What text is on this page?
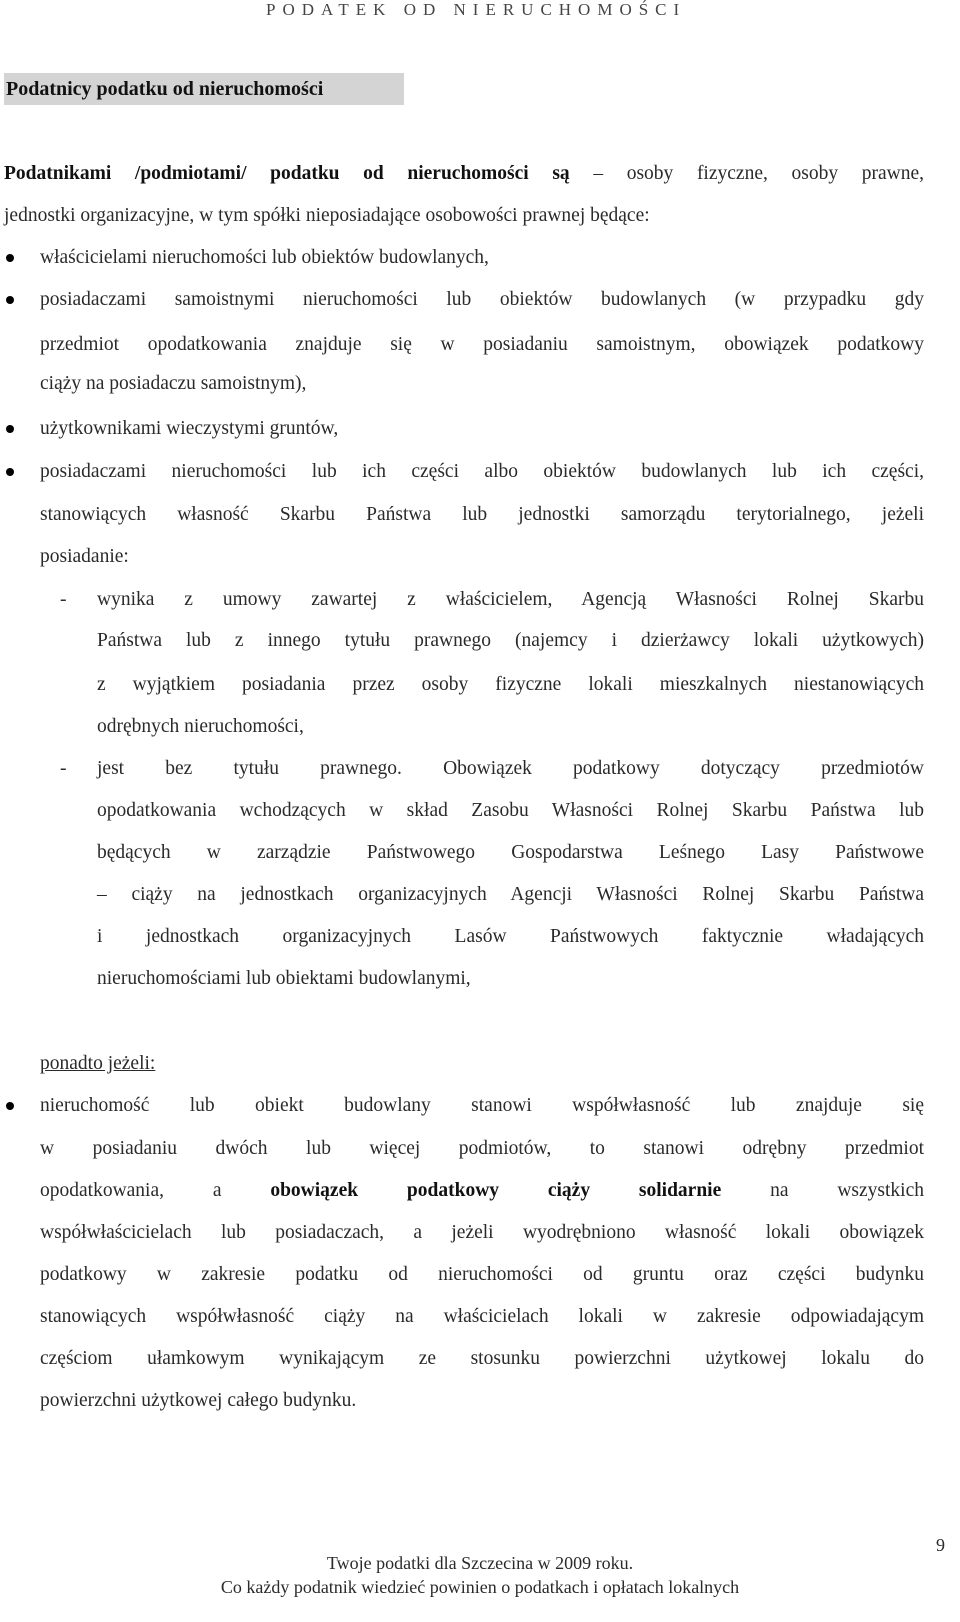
PODATEK OD NIERUCHOMOŚCI
Podatnicy podatku od nieruchomości
Podatnikami /podmiotami/ podatku od nieruchomości są – osoby fizyczne, osoby prawne,
jednostki organizacyjne, w tym spółki nieposiadające osobowości prawnej będące:
właścicielami nieruchomości lub obiektów budowlanych,
posiadaczami samoistnymi nieruchomości lub obiektów budowlanych (w przypadku gdy
przedmiot opodatkowania znajduje się w posiadaniu samoistnym, obowiązek podatkowy
ciąży na posiadaczu samoistnym),
użytkownikami wieczystymi gruntów,
posiadaczami nieruchomości lub ich części albo obiektów budowlanych lub ich części,
stanowiących własność Skarbu Państwa lub jednostki samorządu terytorialnego, jeżeli
posiadanie:
- wynika z umowy zawartej z właścicielem, Agencją Własności Rolnej Skarbu
Państwa lub z innego tytułu prawnego (najemcy i dzierżawcy lokali użytkowych)
z wyjątkiem posiadania przez osoby fizyczne lokali mieszkalnych niestanowiących
odrębnych nieruchomości,
- jest bez tytułu prawnego. Obowiązek podatkowy dotyczący przedmiotów
opodatkowania wchodzących w skład Zasobu Własności Rolnej Skarbu Państwa lub
będących w zarządzie Państwowego Gospodarstwa Leśnego Lasy Państwowe
– ciąży na jednostkach organizacyjnych Agencji Własności Rolnej Skarbu Państwa
i jednostkach organizacyjnych Lasów Państwowych faktycznie władających
nieruchomościami lub obiektami budowlanymi,
ponadto jeżeli:
nieruchomość lub obiekt budowlany stanowi współwłasność lub znajduje się
w posiadaniu dwóch lub więcej podmiotów, to stanowi odrębny przedmiot
opodatkowania, a obowiązek podatkowy ciąży solidarnie na wszystkich
współwłaścicielach lub posiadaczach, a jeżeli wyodrębniono własność lokali obowiązek
podatkowy w zakresie podatku od nieruchomości od gruntu oraz części budynku
stanowiących współwłasność ciąży na właścicielach lokali w zakresie odpowiadającym
częściom ułamkowym wynikającym ze stosunku powierzchni użytkowej lokalu do
powierzchni użytkowej całego budynku.
9
Twoje podatki dla Szczecina w 2009 roku.
Co każdy podatnik wiedzieć powinien o podatkach i opłatach lokalnych
